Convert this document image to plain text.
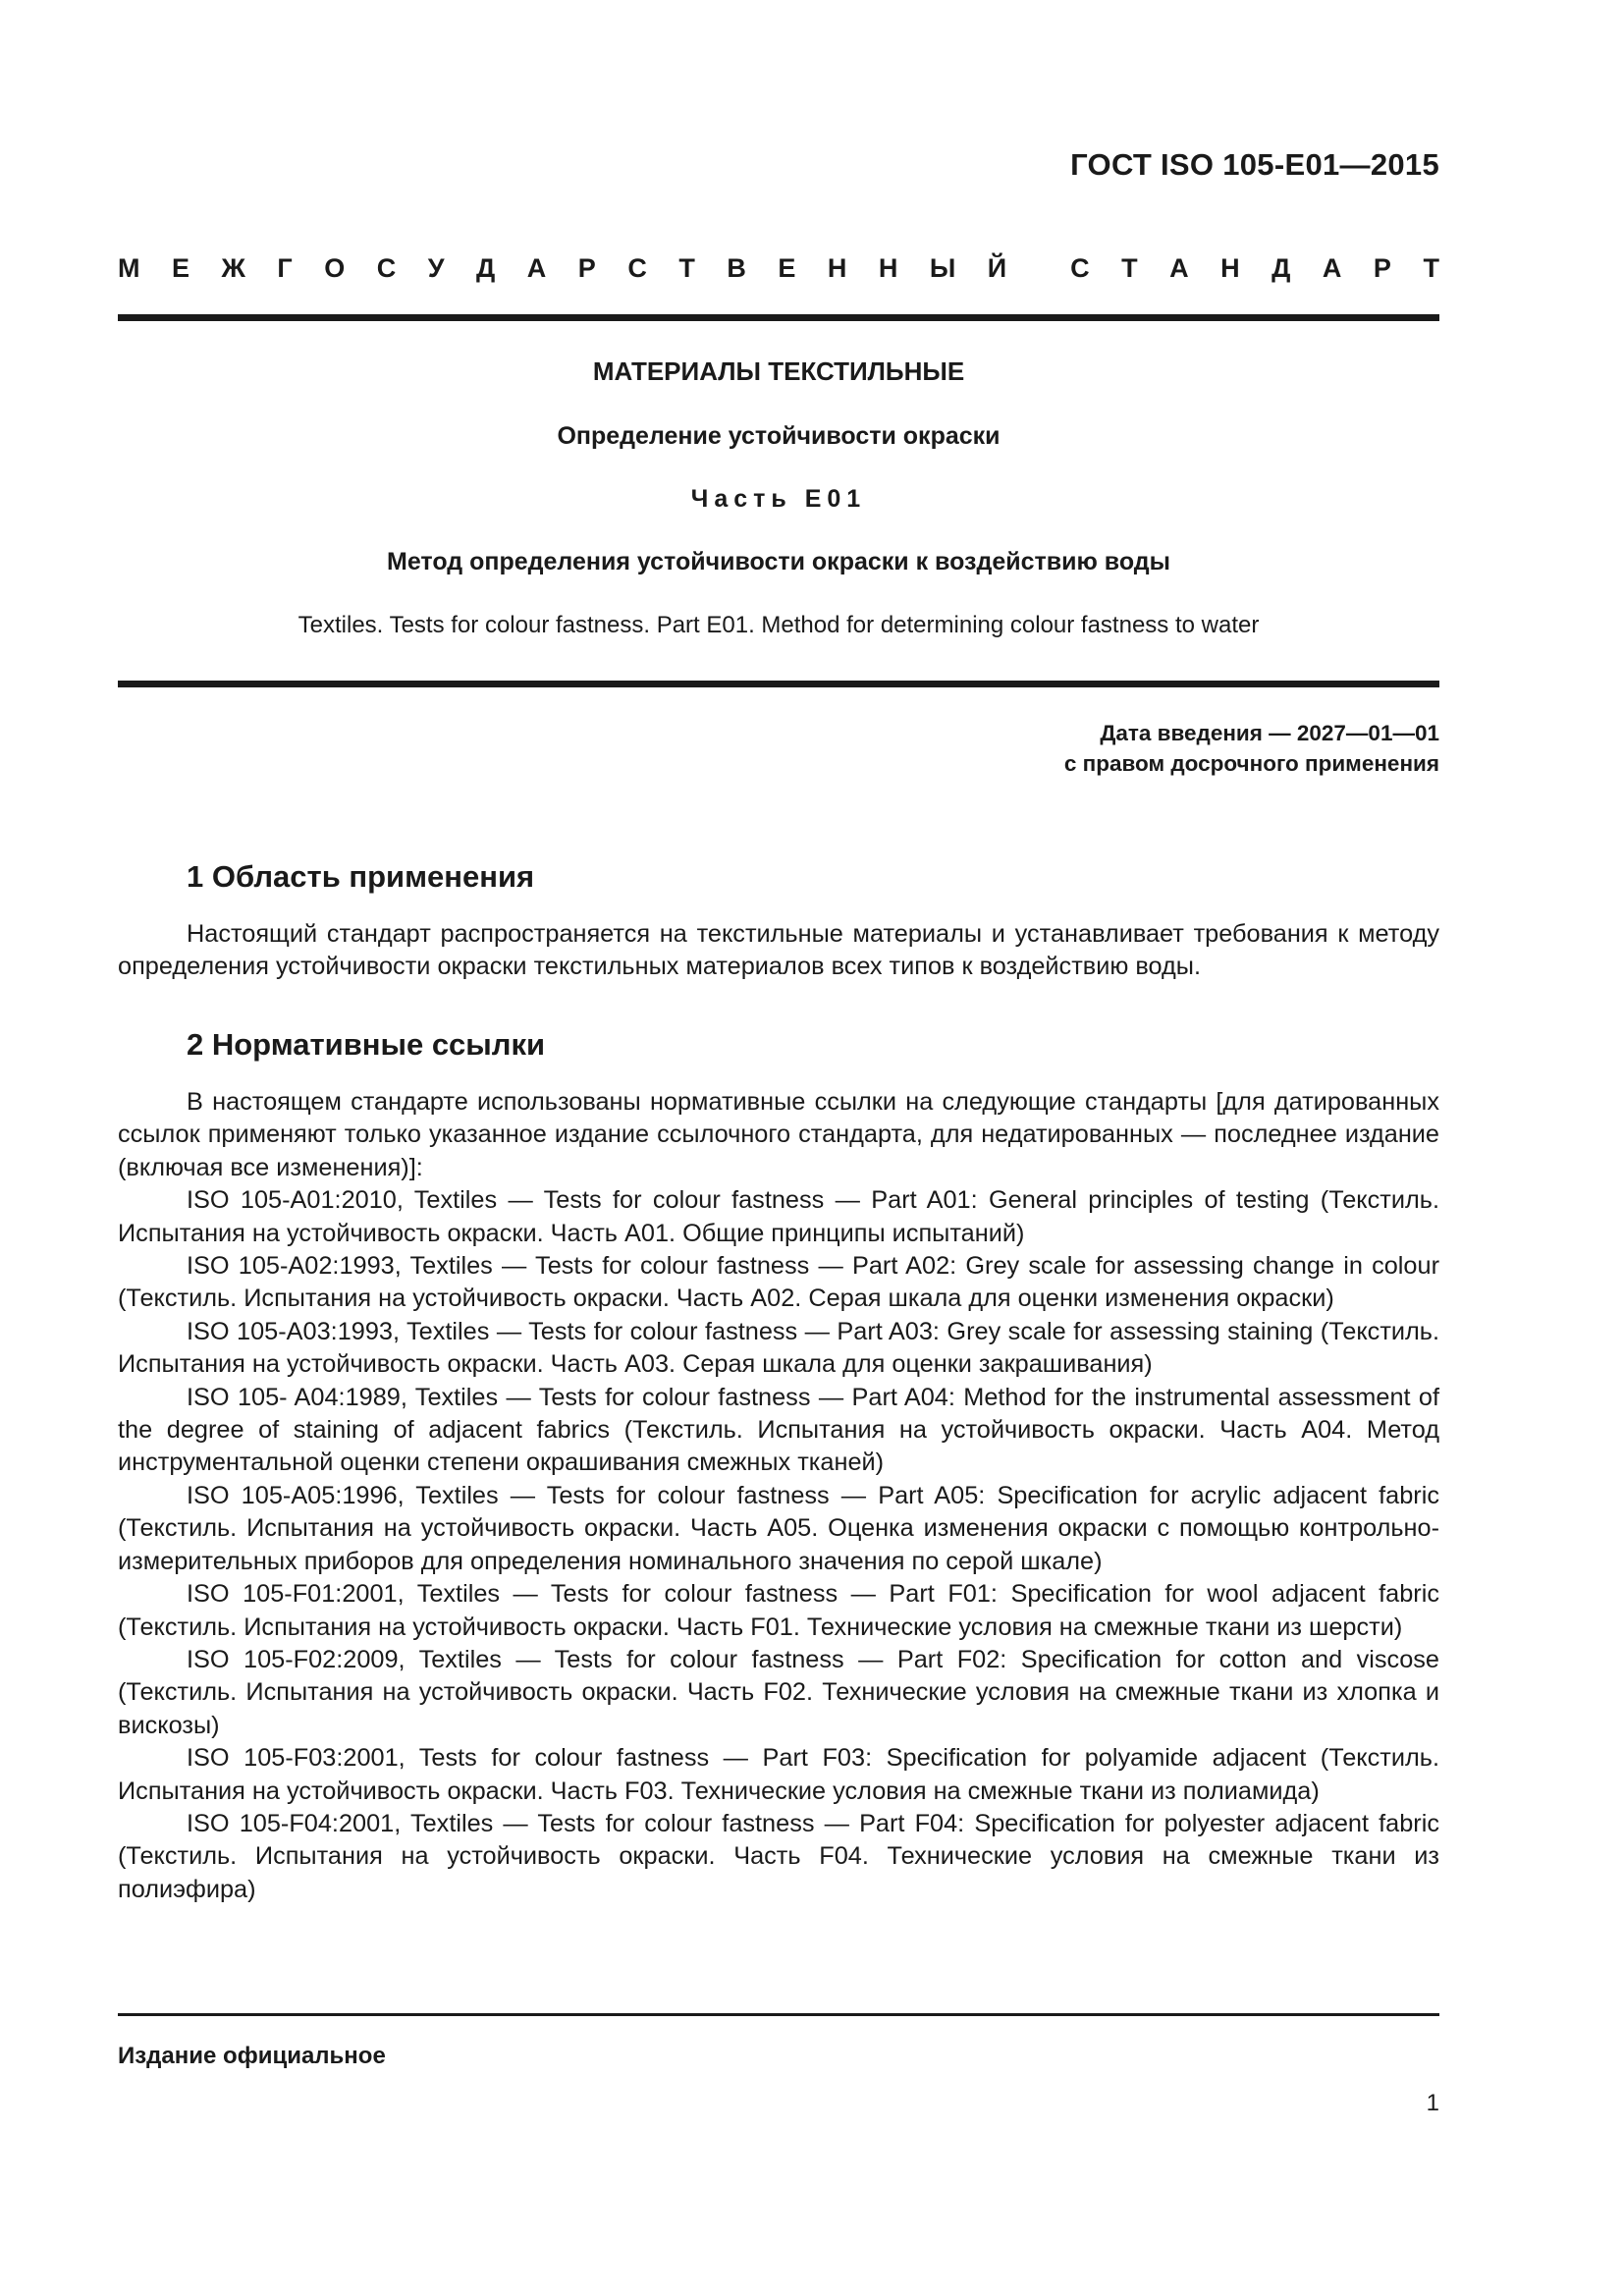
ГОСТ ISO 105-E01—2015
М Е Ж Г О С У Д А Р С Т В Е Н Н Ы Й С Т А Н Д А Р Т
МАТЕРИАЛЫ ТЕКСТИЛЬНЫЕ
Определение устойчивости окраски
Часть E01
Метод определения устойчивости окраски к воздействию воды
Textiles. Tests for colour fastness. Part E01. Method for determining colour fastness to water
Дата введения — 2027—01—01
с правом досрочного применения
1 Область применения

Настоящий стандарт распространяется на текстильные материалы и устанавливает требования к методу определения устойчивости окраски текстильных материалов всех типов к воздействию воды.

2 Нормативные ссылки

В настоящем стандарте использованы нормативные ссылки на следующие стандарты [для датированных ссылок применяют только указанное издание ссылочного стандарта, для недатированных — последнее издание (включая все изменения)]:

ISO 105-A01:2010, Textiles — Tests for colour fastness — Part A01: General principles of testing (Текстиль. Испытания на устойчивость окраски. Часть А01. Общие принципы испытаний)

ISO 105-A02:1993, Textiles — Tests for colour fastness — Part A02: Grey scale for assessing change in colour (Текстиль. Испытания на устойчивость окраски. Часть А02. Серая шкала для оценки изменения окраски)

ISO 105-A03:1993, Textiles — Tests for colour fastness — Part A03: Grey scale for assessing staining (Текстиль. Испытания на устойчивость окраски. Часть А03. Серая шкала для оценки закрашивания)

ISO 105- A04:1989, Textiles — Tests for colour fastness — Part A04: Method for the instrumental assessment of the degree of staining of adjacent fabrics (Текстиль. Испытания на устойчивость окраски. Часть А04. Метод инструментальной оценки степени окрашивания смежных тканей)

ISO 105-A05:1996, Textiles — Tests for colour fastness — Part A05: Specification for acrylic adjacent fabric (Текстиль. Испытания на устойчивость окраски. Часть А05. Оценка изменения окраски с помощью контрольно-измерительных приборов для определения номинального значения по серой шкале)

ISO 105-F01:2001, Textiles — Tests for colour fastness — Part F01: Specification for wool adjacent fabric (Текстиль. Испытания на устойчивость окраски. Часть F01. Технические условия на смежные ткани из шерсти)

ISO 105-F02:2009, Textiles — Tests for colour fastness — Part F02: Specification for cotton and viscose (Текстиль. Испытания на устойчивость окраски. Часть F02. Технические условия на смежные ткани из хлопка и вискозы)

ISO 105-F03:2001, Tests for colour fastness — Part F03: Specification for polyamide adjacent (Текстиль. Испытания на устойчивость окраски. Часть F03. Технические условия на смежные ткани из полиамида)

ISO 105-F04:2001, Textiles — Tests for colour fastness — Part F04: Specification for polyester adjacent fabric (Текстиль. Испытания на устойчивость окраски. Часть F04. Технические условия на смежные ткани из полиэфира)

Издание официальное
1
